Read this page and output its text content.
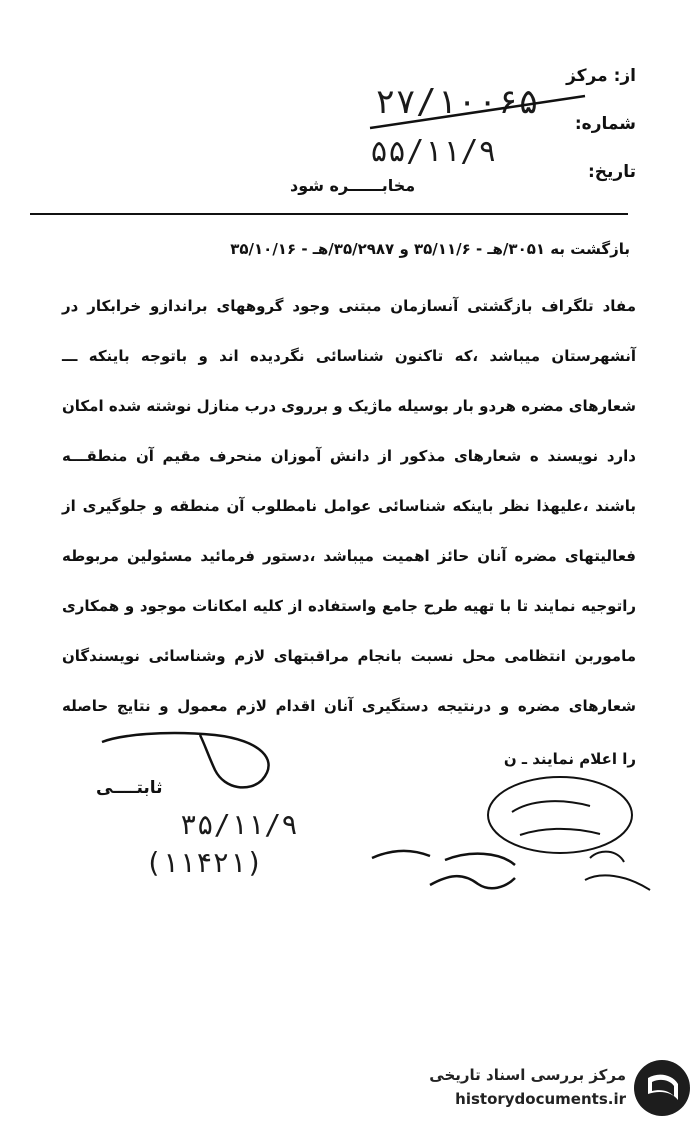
از: مرکز
شماره:
تاریخ:
۲۷/۱۰۰۶۵
۵۵/۱۱/۹
مخابــــــره شود
بازگشت به ۳۰۵۱/هـ - ۳۵/۱۱/۶ و ۳۵/۲۹۸۷/هـ - ۳۵/۱۰/۱۶
مفاد تلگراف بازگشتی آنسازمان مبتنی وجود گروههای براندازو خرابکار در
آنشهرستان میباشد ،که تاکنون شناسائی نگردیده اند و باتوجه باینکه ـــ
شعارهای مضره هردو بار بوسیله ماژیک و برروی درب منازل نوشته شده امکان
دارد نویسند ه شعارهای مذکور از دانش آموزان منحرف مقیم آن منطقـــه
باشند ،علیهذا نظر باینکه شناسائی عوامل نامطلوب آن منطقه و جلوگیری از
فعالیتهای مضره آنان حائز اهمیت میباشد ،دستور فرمائید مسئولین مربوطه
راتوجیه نمایند تا با تهیه طرح جامع واستفاده از کلیه امکانات موجود و همکاری
ماموربن انتظامی محل نسبت بانجام مراقبتهای لازم وشناسائی نویسندگان
شعارهای مضره و درنتیجه دستگیری آنان اقدام لازم معمول و نتایج حاصله
را اعلام نمایند ـ ن
ثابتــــی
۳۵/۱۱/۹
(۱۱۴۲۱)
مرکز بررسی اسناد تاریخی
historydocuments.ir
